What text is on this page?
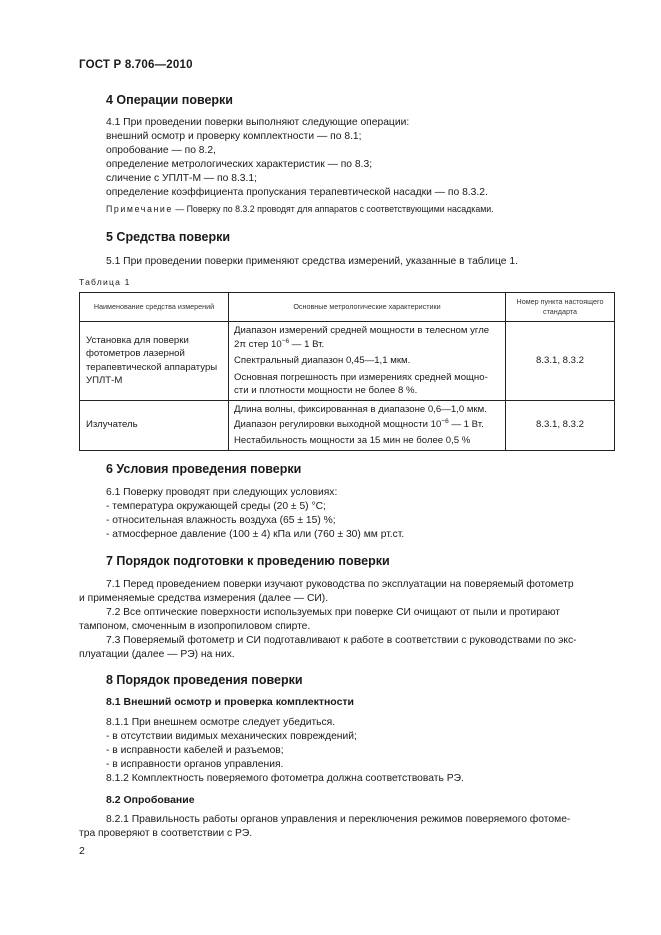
ГОСТ Р 8.706—2010
4 Операции поверки
4.1 При проведении поверки выполняют следующие операции:
внешний осмотр и проверку комплектности — по 8.1;
опробование — по 8.2,
определение метрологических характеристик — по 8.3;
сличение с УПЛТ-М — по 8.3.1;
определение коэффициента пропускания терапевтической насадки — по 8.3.2.
Примечание — Поверку по 8.3.2 проводят для аппаратов с соответствующими насадками.
5 Средства поверки
5.1 При проведении поверки применяют средства измерений, указанные в таблице 1.
Таблица 1
Наименование средства измерений	Основные метрологические характеристики	Номер пункта настоящего стандарта
Установка для поверки фотометров лазерной терапевтической аппаратуры УПЛТ-М	Диапазон измерений средней мощности в телесном угле
2π стер $10^{-6}$ — 1 Вт.
Спектральный диапазон 0,45—1,1 мкм.
Основная погрешность при измерениях средней мощно-
сти и плотности мощности не более 8 %.	8.3.1, 8.3.2
Излучатель	Длина волны, фиксированная в диапазоне 0,6—1,0 мкм.
Диапазон регулировки выходной мощности $10^{-6}$ — 1 Вт.
Нестабильность мощности за 15 мин не более 0,5 %	8.3.1, 8.3.2
6 Условия проведения поверки
6.1 Поверку проводят при следующих условиях:
- температура окружающей среды (20 ± 5) °С;
- относительная влажность воздуха (65 ± 15) %;
- атмосферное давление (100 ± 4) кПа или (760 ± 30) мм рт.ст.
7 Порядок подготовки к проведению поверки
7.1 Перед проведением поверки изучают руководства по эксплуатации на поверяемый фотометр
и применяемые средства измерения (далее — СИ).
7.2 Все оптические поверхности используемых при поверке СИ очищают от пыли и протирают
тампоном, смоченным в изопропиловом спирте.
7.3 Поверяемый фотометр и СИ подготавливают к работе в соответствии с руководствами по экс-
плуатации (далее — РЭ) на них.
8 Порядок проведения поверки
8.1 Внешний осмотр и проверка комплектности
8.1.1 При внешнем осмотре следует убедиться.
- в отсутствии видимых механических повреждений;
- в исправности кабелей и разъемов;
- в исправности органов управления.
8.1.2 Комплектность поверяемого фотометра должна соответствовать РЭ.
8.2 Опробование
8.2.1 Правильность работы органов управления и переключения режимов поверяемого фотоме-
тра проверяют в соответствии с РЭ.
2
